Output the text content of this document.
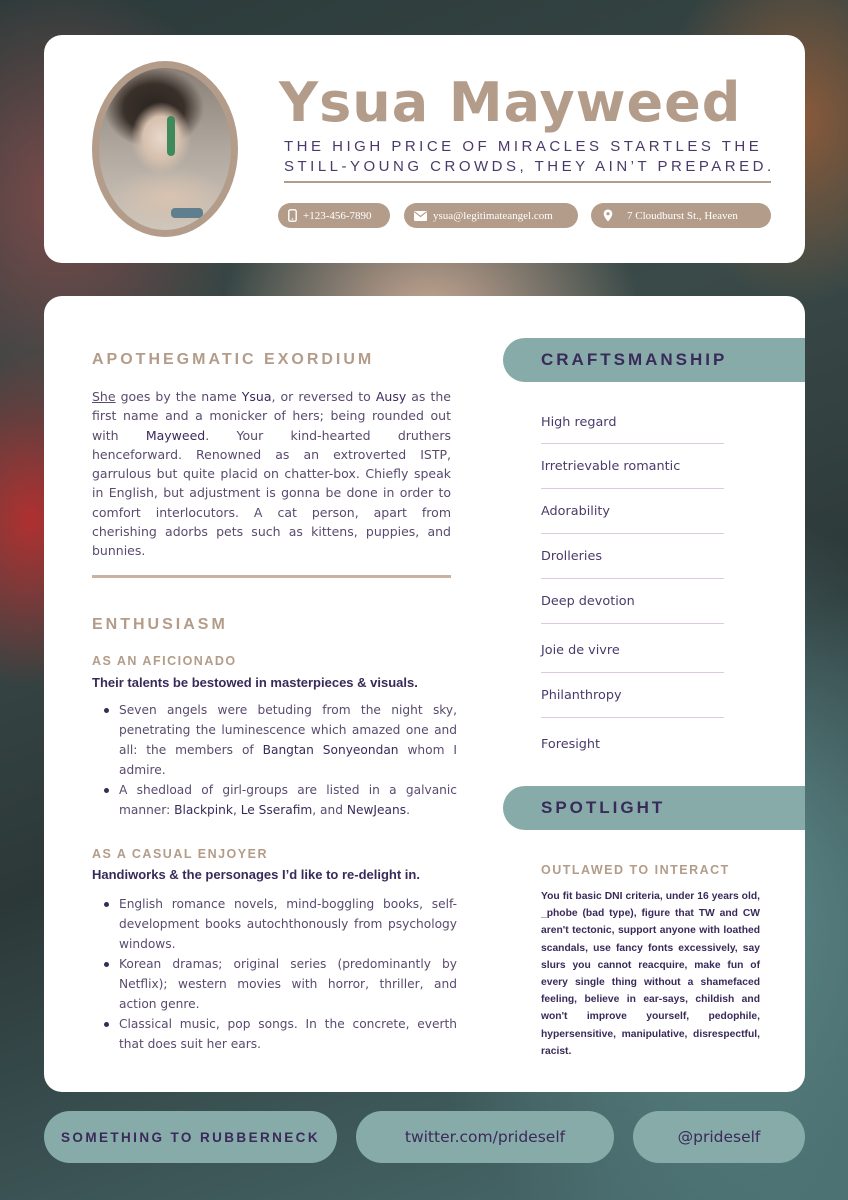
Ysua Mayweed
THE HIGH PRICE OF MIRACLES STARTLES THE STILL-YOUNG CROWDS, THEY AIN’T PREPARED.
+123-456-7890	ysua@legitimateangel.com	7 Cloudburst St., Heaven
APOTHEGMATIC EXORDIUM
She goes by the name Ysua, or reversed to Ausy as the first name and a monicker of hers; being rounded out with Mayweed. Your kind-hearted druthers henceforward. Renowned as an extroverted ISTP, garrulous but quite placid on chatter-box. Chiefly speak in English, but adjustment is gonna be done in order to comfort interlocutors. A cat person, apart from cherishing adorbs pets such as kittens, puppies, and bunnies.
ENTHUSIASM
AS AN AFICIONADO
Their talents be bestowed in masterpieces & visuals.
Seven angels were betuding from the night sky, penetrating the luminescence which amazed one and all: the members of Bangtan Sonyeondan whom I admire.
A shedload of girl-groups are listed in a galvanic manner: Blackpink, Le Sserafim, and NewJeans.
AS A CASUAL ENJOYER
Handiworks & the personages I’d like to re-delight in.
English romance novels, mind-boggling books, self-development books autochthonously from psychology windows.
Korean dramas; original series (predominantly by Netflix); western movies with horror, thriller, and action genre.
Classical music, pop songs. In the concrete, everth that does suit her ears.
CRAFTSMANSHIP
High regard
Irretrievable romantic
Adorability
Drolleries
Deep devotion
Joie de vivre
Philanthropy
Foresight
SPOTLIGHT
OUTLAWED TO INTERACT
You fit basic DNI criteria, under 16 years old, _phobe (bad type), figure that TW and CW aren't tectonic, support anyone with loathed scandals, use fancy fonts excessively, say slurs you cannot reacquire, make fun of every single thing without a shamefaced feeling, believe in ear-says, childish and won't improve yourself, pedophile, hypersensitive, manipulative, disrespectful, racist.
SOMETHING TO RUBBERNECK	twitter.com/prideself	@prideself
